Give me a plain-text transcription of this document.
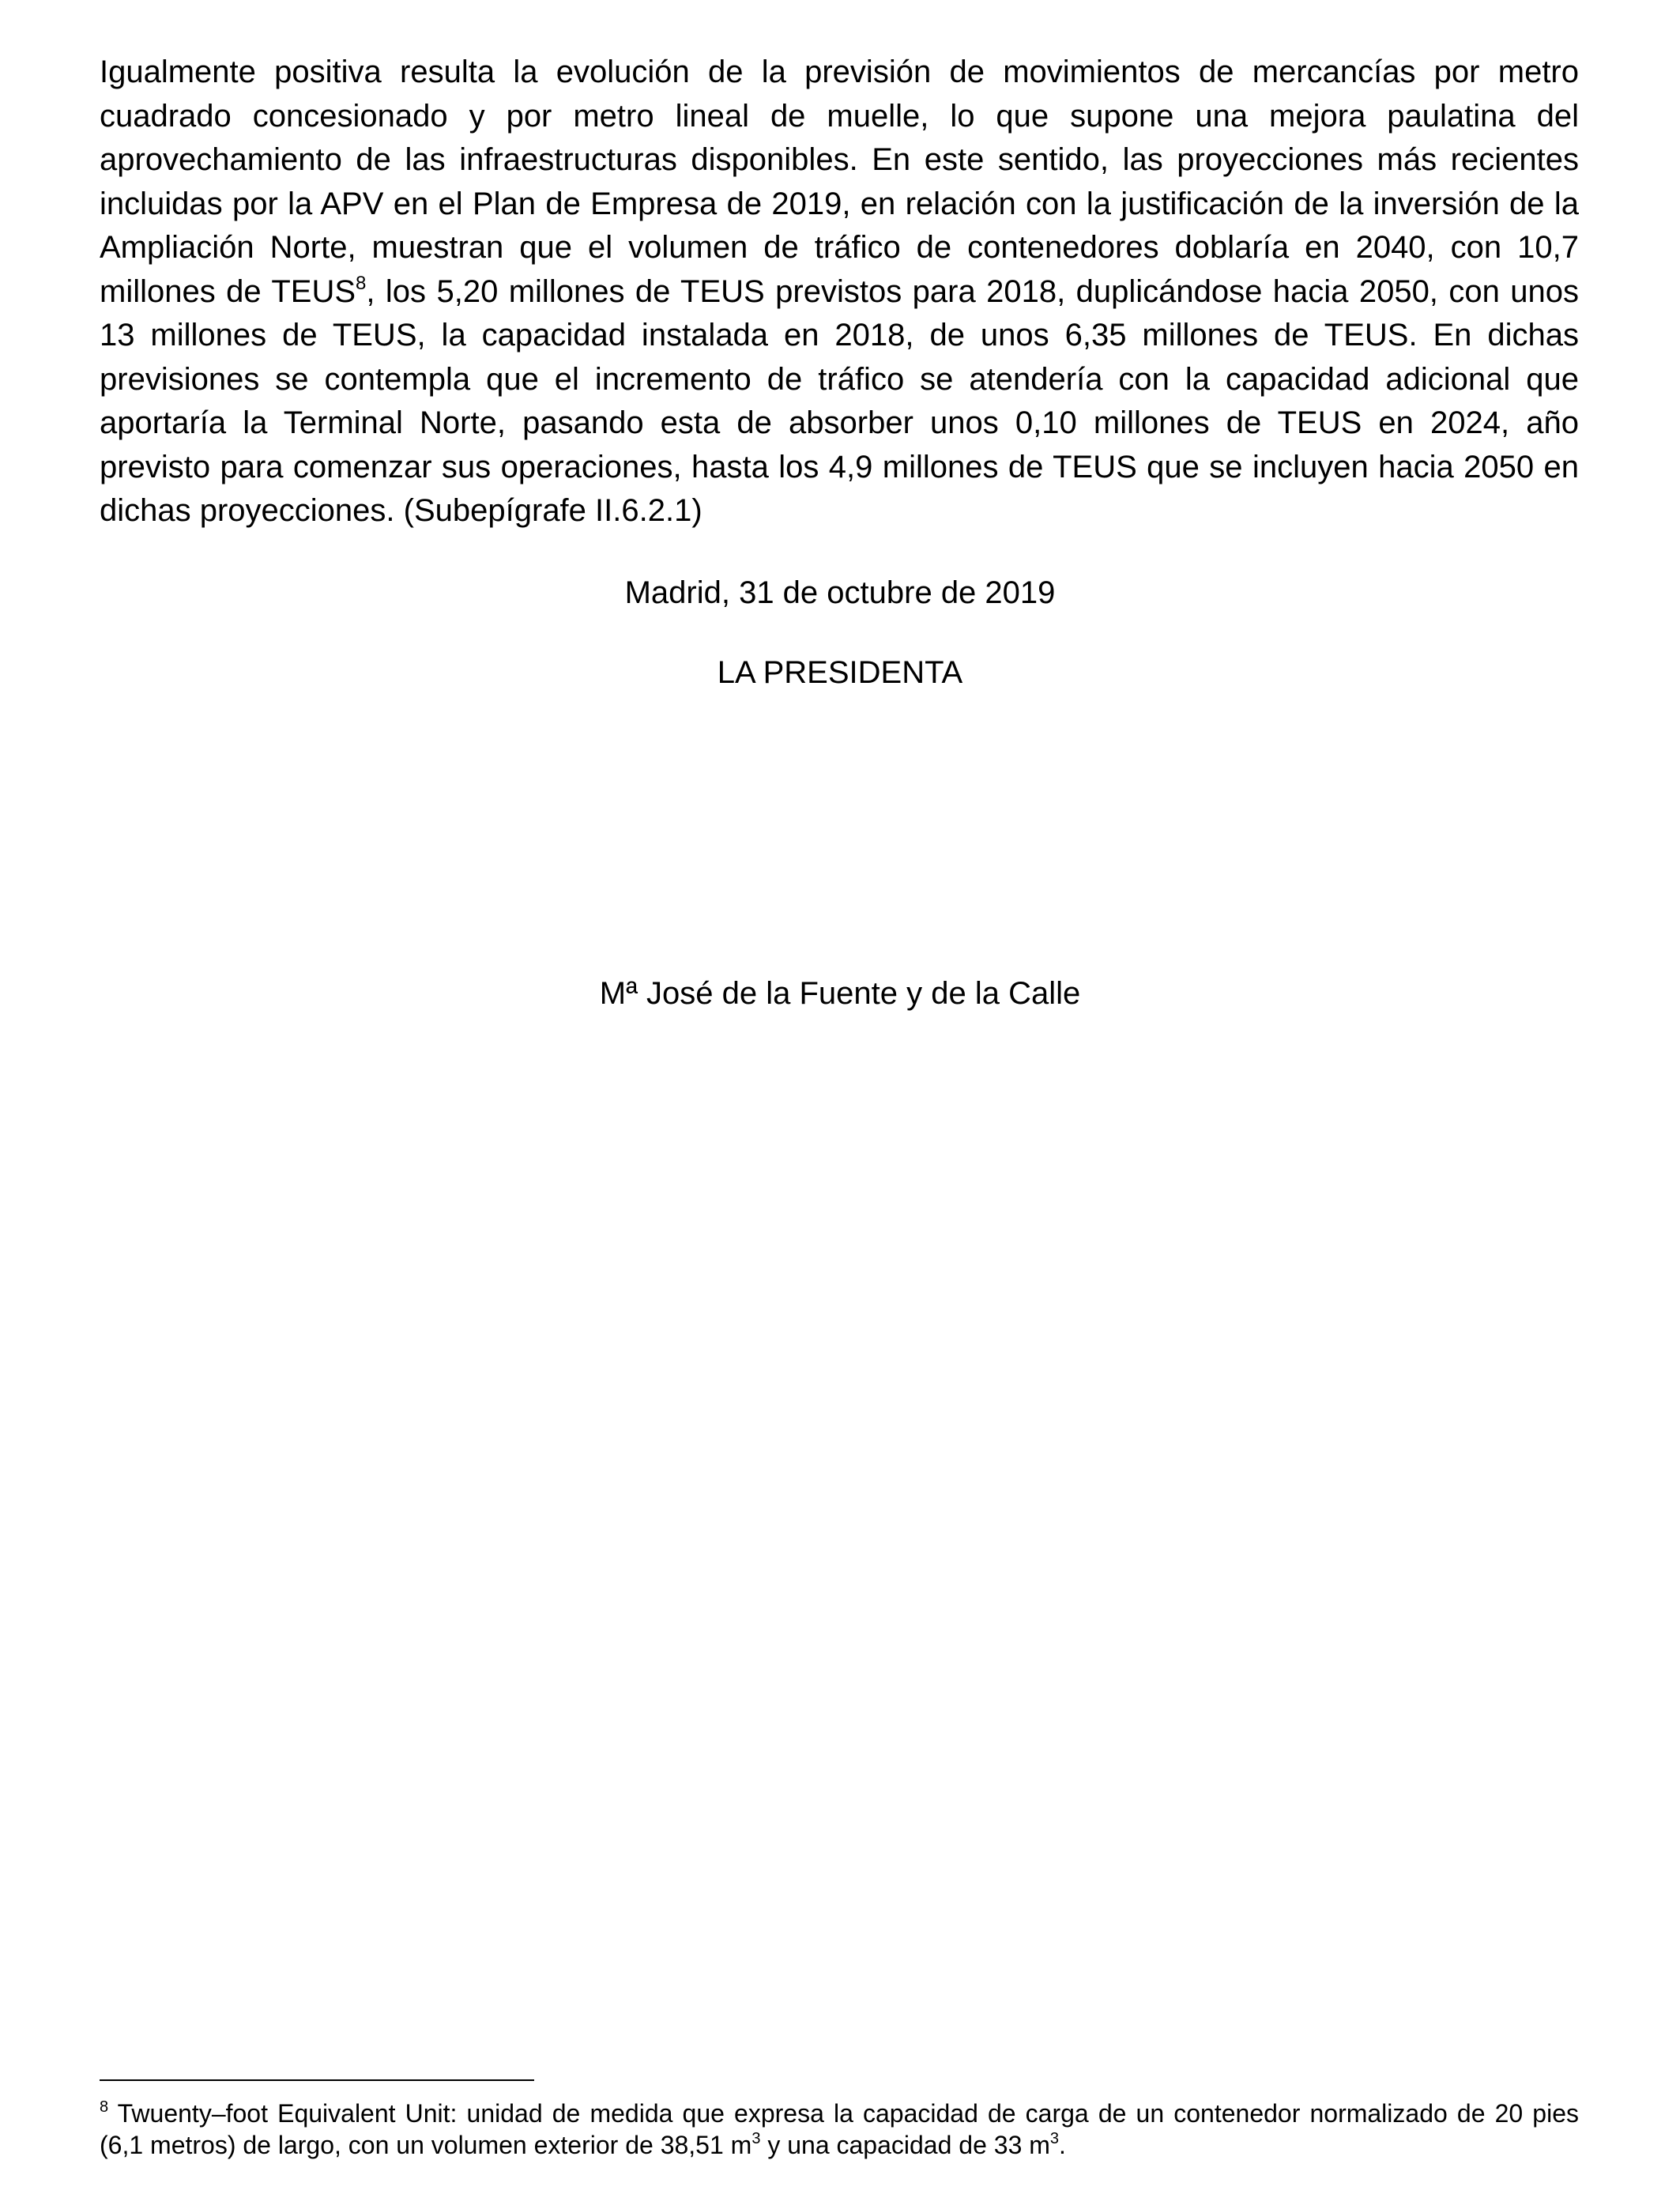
Igualmente positiva resulta la evolución de la previsión de movimientos de mercancías por metro cuadrado concesionado y por metro lineal de muelle, lo que supone una mejora paulatina del aprovechamiento de las infraestructuras disponibles. En este sentido, las proyecciones más recientes incluidas por la APV en el Plan de Empresa de 2019, en relación con la justificación de la inversión de la Ampliación Norte, muestran que el volumen de tráfico de contenedores doblaría en 2040, con 10,7 millones de TEUS$^8$, los 5,20 millones de TEUS previstos para 2018, duplicándose hacia 2050, con unos 13 millones de TEUS, la capacidad instalada en 2018, de unos 6,35 millones de TEUS. En dichas previsiones se contempla que el incremento de tráfico se atendería con la capacidad adicional que aportaría la Terminal Norte, pasando esta de absorber unos 0,10 millones de TEUS en 2024, año previsto para comenzar sus operaciones, hasta los 4,9 millones de TEUS que se incluyen hacia 2050 en dichas proyecciones. (Subepígrafe II.6.2.1)

Madrid, 31 de octubre de 2019

LA PRESIDENTA

Mª José de la Fuente y de la Calle

$^8$ Twuenty–foot Equivalent Unit: unidad de medida que expresa la capacidad de carga de un contenedor normalizado de 20 pies (6,1 metros) de largo, con un volumen exterior de 38,51 $m^3$ y una capacidad de 33 $m^3$.
